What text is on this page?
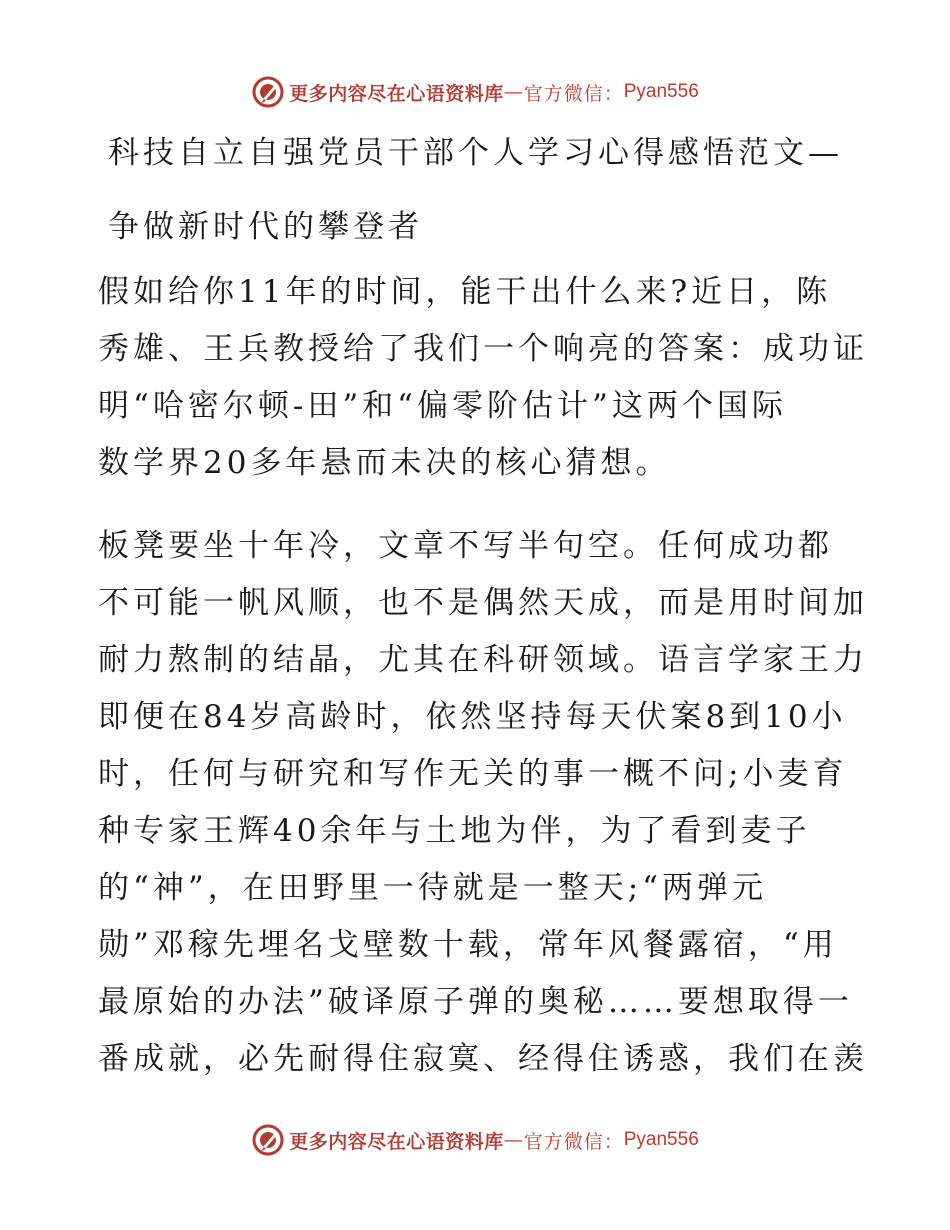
更多内容尽在心语资料库 — 官方微信： Pyan556
科技自立自强党员干部个人学习心得感悟范文—
争做新时代的攀登者
假如给你11年的时间，能干出什么来?近日，陈
秀雄、王兵教授给了我们一个响亮的答案：成功证
明“哈密尔顿-田”和“偏零阶估计”这两个国际
数学界20多年悬而未决的核心猜想。
板凳要坐十年冷，文章不写半句空。任何成功都
不可能一帆风顺，也不是偶然天成，而是用时间加
耐力熬制的结晶，尤其在科研领域。语言学家王力
即便在84岁高龄时，依然坚持每天伏案8到10小
时，任何与研究和写作无关的事一概不问;小麦育
种专家王辉40余年与土地为伴，为了看到麦子
的“神”，在田野里一待就是一整天;“两弹元
勋”邓稼先埋名戈壁数十载，常年风餐露宿，“用
最原始的办法”破译原子弹的奥秘……要想取得一
番成就，必先耐得住寂寞、经得住诱惑，我们在羡
更多内容尽在心语资料库 — 官方微信： Pyan556
